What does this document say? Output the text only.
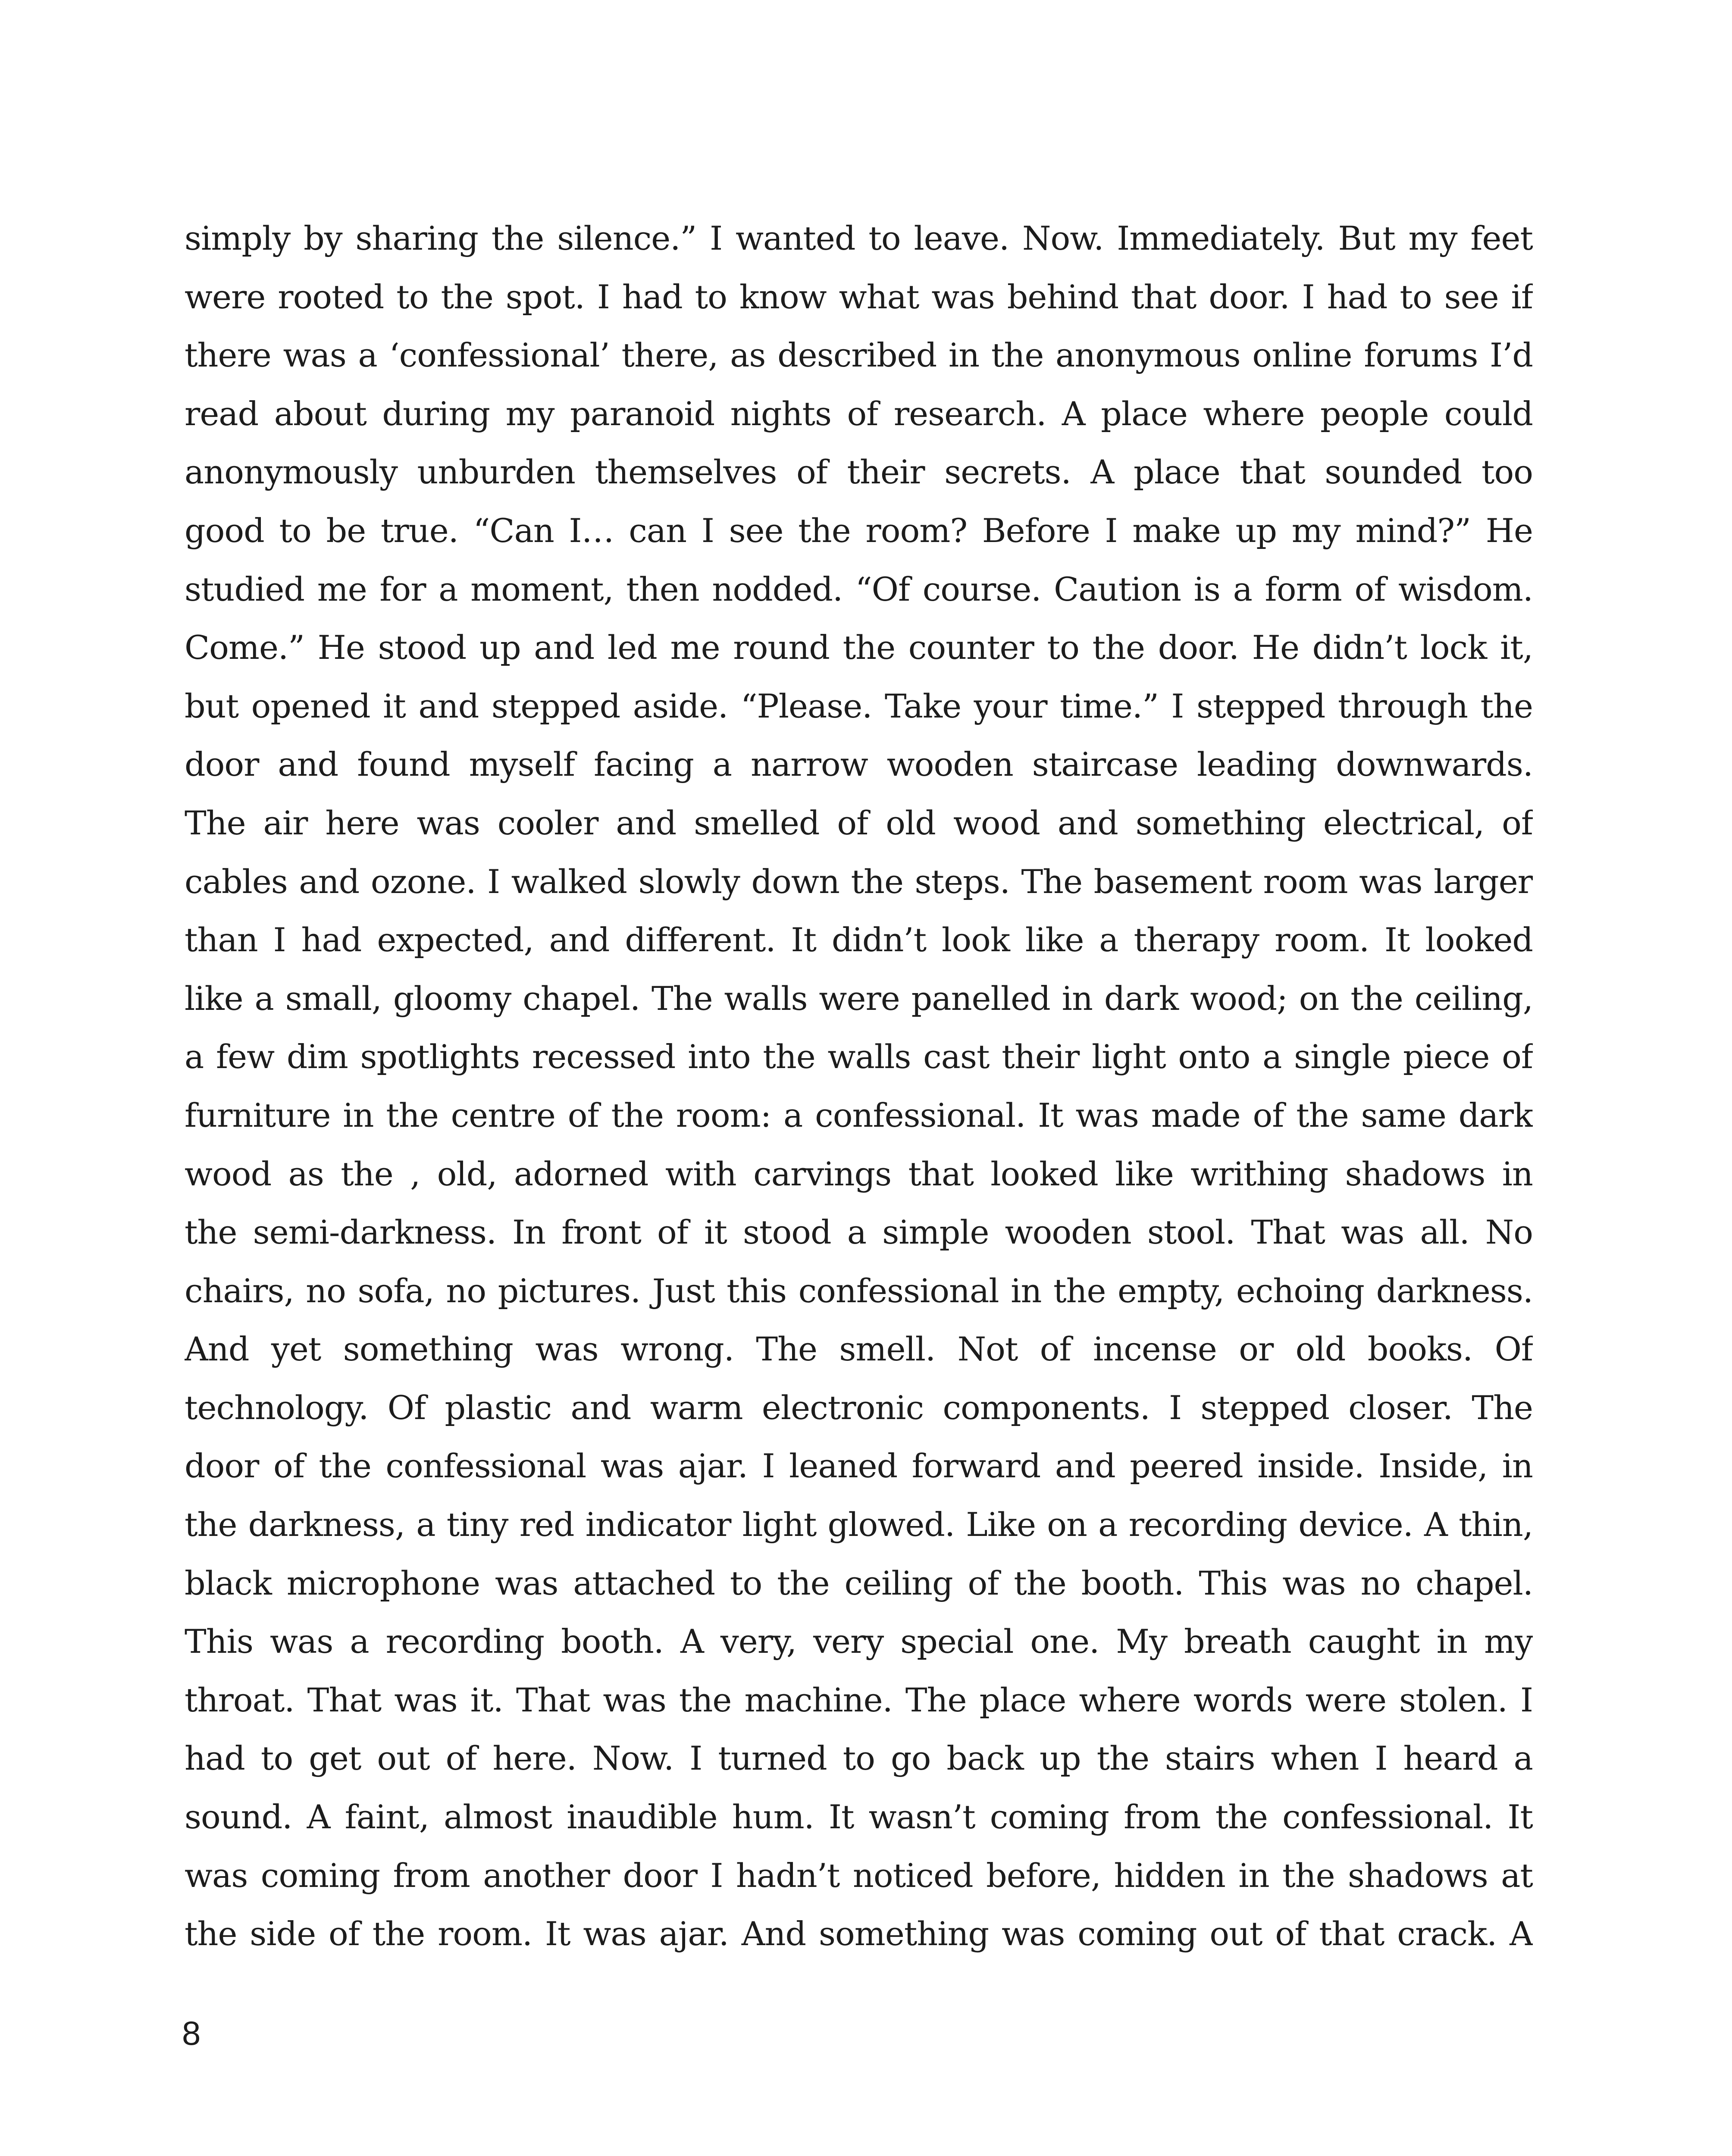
simply by sharing the silence.” I wanted to leave. Now. Immediately. But my feet
were rooted to the spot. I had to know what was behind that door. I had to see if
there was a ‘confessional’ there, as described in the anonymous online forums I’d
read about during my paranoid nights of research. A place where people could
anonymously unburden themselves of their secrets. A place that sounded too
good to be true. “Can I… can I see the room? Before I make up my mind?” He
studied me for a moment, then nodded. “Of course. Caution is a form of wisdom.
Come.” He stood up and led me round the counter to the door. He didn’t lock it,
but opened it and stepped aside. “Please. Take your time.” I stepped through the
door and found myself facing a narrow wooden staircase leading downwards.
The air here was cooler and smelled of old wood and something electrical, of
cables and ozone. I walked slowly down the steps. The basement room was larger
than I had expected, and different. It didn’t look like a therapy room. It looked
like a small, gloomy chapel. The walls were panelled in dark wood; on the ceiling,
a few dim spotlights recessed into the walls cast their light onto a single piece of
furniture in the centre of the room: a confessional. It was made of the same dark
wood as the , old, adorned with carvings that looked like writhing shadows in
the semi-darkness. In front of it stood a simple wooden stool. That was all. No
chairs, no sofa, no pictures. Just this confessional in the empty, echoing darkness.
And yet something was wrong. The smell. Not of incense or old books. Of
technology. Of plastic and warm electronic components. I stepped closer. The
door of the confessional was ajar. I leaned forward and peered inside. Inside, in
the darkness, a tiny red indicator light glowed. Like on a recording device. A thin,
black microphone was attached to the ceiling of the booth. This was no chapel.
This was a recording booth. A very, very special one. My breath caught in my
throat. That was it. That was the machine. The place where words were stolen. I
had to get out of here. Now. I turned to go back up the stairs when I heard a
sound. A faint, almost inaudible hum. It wasn’t coming from the confessional. It
was coming from another door I hadn’t noticed before, hidden in the shadows at
the side of the room. It was ajar. And something was coming out of that crack. A
8
